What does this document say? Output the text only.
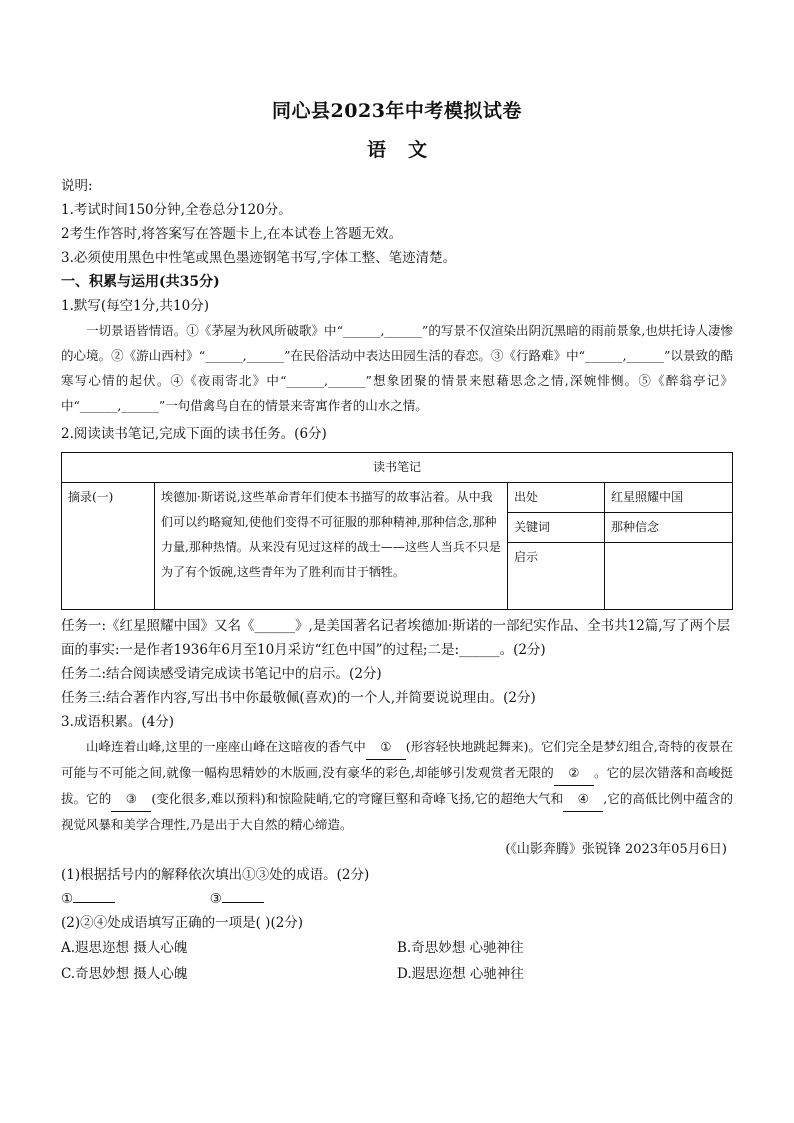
同心县2023年中考模拟试卷
语文
说明:
1.考试时间150分钟,全卷总分120分。
2考生作答时,将答案写在答题卡上,在本试卷上答题无效。
3.必须使用黑色中性笔或黑色墨迹钢笔书写,字体工整、笔迹清楚。
一、积累与运用(共35分)
1.默写(每空1分,共10分)
一切景语皆情语。①《茅屋为秋风所破歌》中“______,______”的写景不仅渲染出阴沉黑暗的雨前景象,也烘托诗人凄惨的心境。②《游山西村》“______,______”在民俗活动中表达田园生活的春恋。③《行路难》中“______,______”以景致的酷寒写心情的起伏。④《夜雨寄北》中“______,______”想象团聚的情景来慰藉思念之情,深婉悱恻。⑤《醉翁亭记》中“______,______”一句借禽鸟自在的情景来寄寓作者的山水之情。
2.阅读读书笔记,完成下面的读书任务。(6分)
读书笔记			
摘录(一)	埃德加·斯诺说,这些革命青年们使本书描写的故事沾着。从中我们可以约略窥知,使他们变得不可征服的那种精神,那种信念,那种力量,那种热情。从来没有见过这样的战士——这些人当兵不只是为了有个饭碗,这些青年为了胜利而甘于牺牲。	出处	红星照耀中国
		关键词	那种信念
		启示	
任务一:《红星照耀中国》又名《______》,是美国著名记者埃德加·斯诺的一部纪实作品、全书共12篇,写了两个层面的事实:一是作者1936年6月至10月采访“红色中国”的过程;二是:______。(2分)
任务二:结合阅读感受请完成读书笔记中的启示。(2分)
任务三:结合著作内容,写出书中你最敬佩(喜欢)的一个人,并简要说说理由。(2分)
3.成语积累。(4分)
山峰连着山峰,这里的一座座山峰在这暗夜的香气中 ① (形容轻快地跳起舞来)。它们完全是梦幻组合,奇特的夜景在可能与不可能之间,就像一幅构思精妙的木版画,没有豪华的彩色,却能够引发观赏者无限的 ② 。它的层次错落和高峻挺拔。它的 ③ (变化很多,难以预料)和惊险陡峭,它的穹窿巨壑和奇峰飞扬,它的超绝大气和 ④ ,它的高低比例中蕴含的视觉风暴和美学合理性,乃是出于大自然的精心缔造。
(《山影奔腾》张锐锋 2023年05月6日)
(1)根据括号内的解释依次填出①③处的成语。(2分)
①	③
(2)②④处成语填写正确的一项是( )(2分)
A.遐思迩想 摄人心魄	B.奇思妙想 心驰神往
C.奇思妙想 摄人心魄	D.遐思迩想 心驰神往
